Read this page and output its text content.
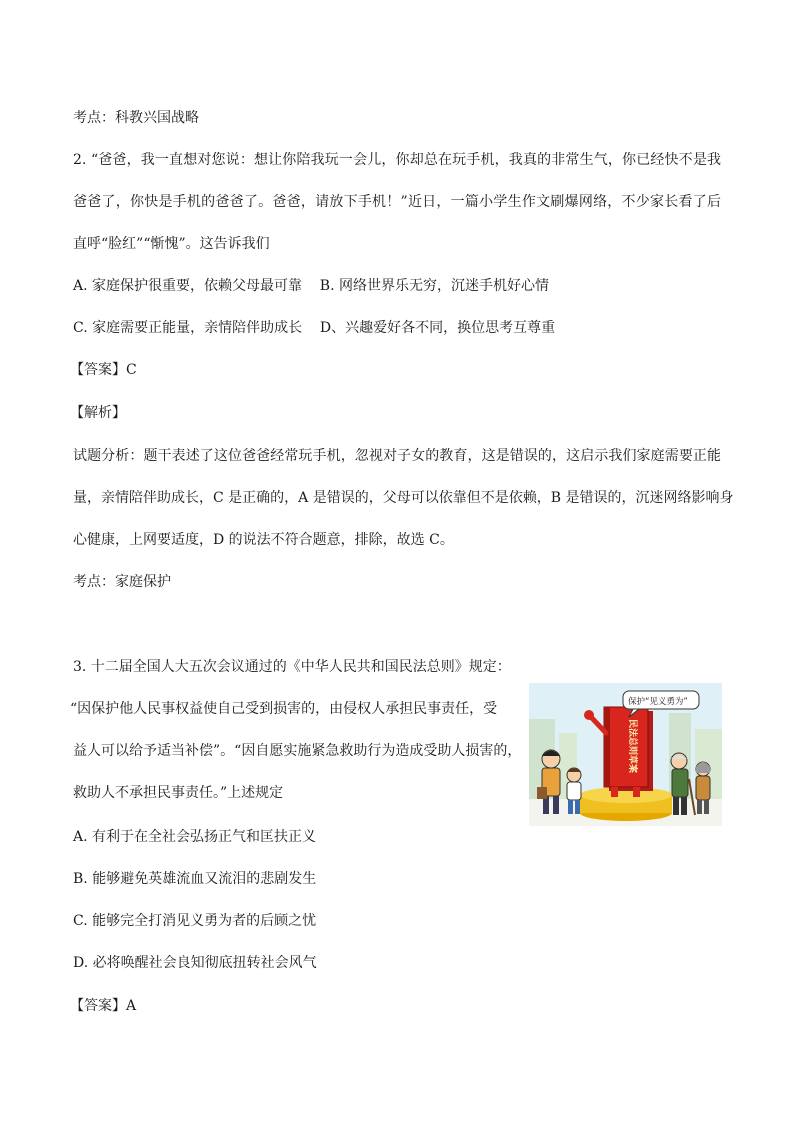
考点：科教兴国战略
2. “爸爸，我一直想对您说：想让你陪我玩一会儿，你却总在玩手机，我真的非常生气，你已经快不是我
爸爸了，你快是手机的爸爸了。爸爸，请放下手机！”近日，一篇小学生作文刷爆网络，不少家长看了后
直呼“脸红”“惭愧”。这告诉我们
A. 家庭保护很重要，依赖父母最可靠    B. 网络世界乐无穷，沉迷手机好心情
C. 家庭需要正能量，亲情陪伴助成长    D、兴趣爱好各不同，换位思考互尊重
【答案】C
【解析】
试题分析：题干表述了这位爸爸经常玩手机，忽视对子女的教育，这是错误的，这启示我们家庭需要正能
量，亲情陪伴助成长，C 是正确的，A 是错误的，父母可以依靠但不是依赖，B 是错误的，沉迷网络影响身
心健康，上网要适度，D 的说法不符合题意，排除，故选 C。
考点：家庭保护
3. 十二届全国人大五次会议通过的《中华人民共和国民法总则》规定：
“因保护他人民事权益使自己受到损害的，由侵权人承担民事责任，受
益人可以给予适当补偿”。“因自愿实施紧急救助行为造成受助人损害的，
救助人不承担民事责任。”上述规定
A. 有利于在全社会弘扬正气和匡扶正义
B. 能够避免英雄流血又流泪的悲剧发生
C. 能够完全打消见义勇为者的后顾之忧
D. 必将唤醒社会良知彻底扭转社会风气
【答案】A
民法总则草案
保护“见义勇为”
